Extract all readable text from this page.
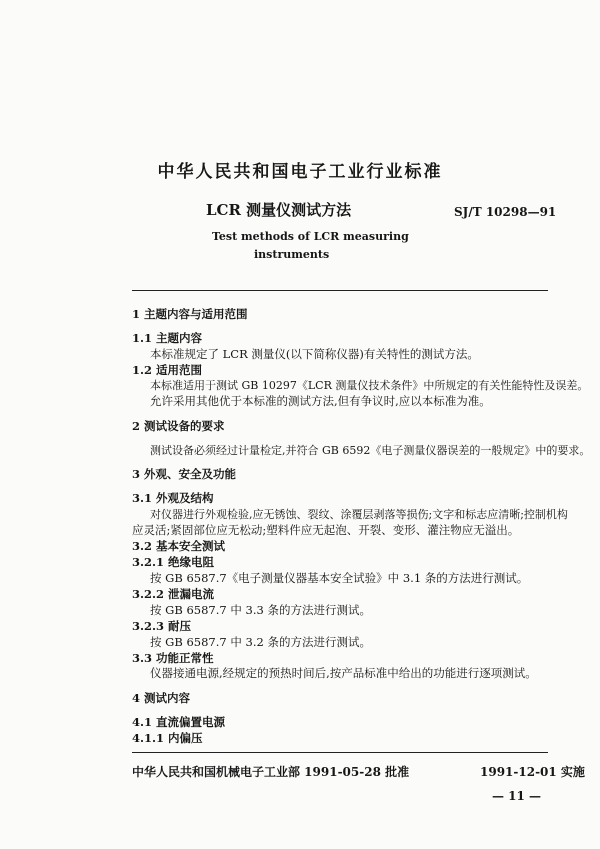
中华人民共和国电子工业行业标准
LCR 测量仪测试方法	SJ/T 10298—91
Test methods of LCR measuring
instruments
1 主题内容与适用范围
1.1 主题内容
本标准规定了 LCR 测量仪(以下简称仪器)有关特性的测试方法。
1.2 适用范围
本标准适用于测试 GB 10297《LCR 测量仪技术条件》中所规定的有关性能特性及误差。
允许采用其他优于本标准的测试方法,但有争议时,应以本标准为准。
2 测试设备的要求
测试设备必须经过计量检定,并符合 GB 6592《电子测量仪器误差的一般规定》中的要求。
3 外观、安全及功能
3.1 外观及结构
对仪器进行外观检验,应无锈蚀、裂纹、涂覆层剥落等损伤;文字和标志应清晰;控制机构
应灵活;紧固部位应无松动;塑料件应无起泡、开裂、变形、灌注物应无溢出。
3.2 基本安全测试
3.2.1 绝缘电阻
按 GB 6587.7《电子测量仪器基本安全试验》中 3.1 条的方法进行测试。
3.2.2 泄漏电流
按 GB 6587.7 中 3.3 条的方法进行测试。
3.2.3 耐压
按 GB 6587.7 中 3.2 条的方法进行测试。
3.3 功能正常性
仪器接通电源,经规定的预热时间后,按产品标准中给出的功能进行逐项测试。
4 测试内容
4.1 直流偏置电源
4.1.1 内偏压
中华人民共和国机械电子工业部 1991-05-28 批准	1991-12-01 实施
— 11 —
